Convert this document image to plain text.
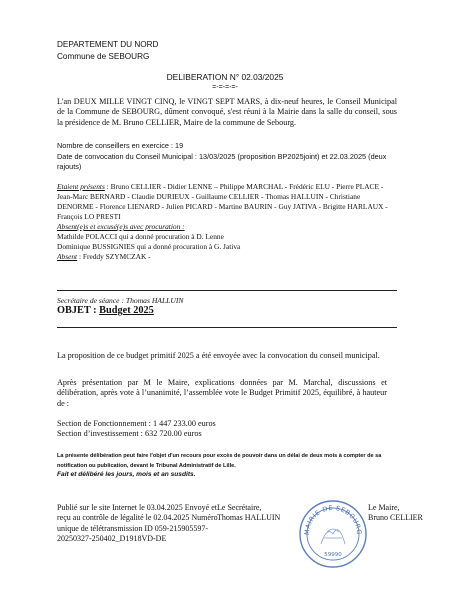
DEPARTEMENT DU NORD
Commune de SEBOURG
DELIBERATION N° 02.03/2025
=-=-=-=-
L'an DEUX MILLE VINGT CINQ, le VINGT SEPT MARS, à dix-neuf heures, le Conseil Municipal de la Commune de SEBOURG, dûment convoqué, s'est réuni à la Mairie dans la salle du conseil, sous la présidence de M. Bruno CELLIER, Maire de la commune de Sebourg.
Nombre de conseillers en exercice : 19
Date de convocation du Conseil Municipal : 13/03/2025 (proposition BP2025joint) et 22.03.2025 (deux rajouts)
Etaient présents : Bruno CELLIER - Didier LENNE – Philippe MARCHAL - Frédéric ELU - Pierre PLACE - Jean-Marc BERNARD - Claudie DURIEUX - Guillaume CELLIER - Thomas HALLUIN - Christiane DENORME - Florence LIENARD - Julien PICARD - Martine BAURIN - Guy JATIVA - Brigitte HARLAUX - François LO PRESTI
Absent(e)s et excusé(e)s avec procuration :
Mathilde POLACCI qui a donné procuration à D. Lenne
Dominique BUSSIGNIES qui a donné procuration à G. Jativa
Absent : Freddy SZYMCZAK -
Secrétaire de séance : Thomas HALLUIN
OBJET : Budget 2025
La proposition de ce budget primitif 2025 a été envoyée avec la convocation du conseil municipal.
Après présentation par M le Maire, explications données par M. Marchal, discussions et délibération, après vote à l’unanimité, l’assemblée vote le Budget Primitif 2025, équilibré, à hauteur de :
Section de Fonctionnement : 1 447 233.00 euros
Section d’investissement : 632 720.00 euros
La présente délibération peut faire l'objet d'un recours pour excès de pouvoir dans un délai de deux mois à compter de sa notification ou publication, devant le Tribunal Administratif de Lille.
Fait et délibéré les jours, mois et an susdits.
Publié sur le site Internet le 03.04.2025 Envoyé et reçu au contrôle de légalité le 02.04.2025 Numéro unique de télétransmission ID 059-215905597-20250327-250402_D1918VD-DE
Le Secrétaire,
Thomas HALLUIN
MAIRIE DE SEBOURG
59990
Le Maire,
Bruno CELLIER
